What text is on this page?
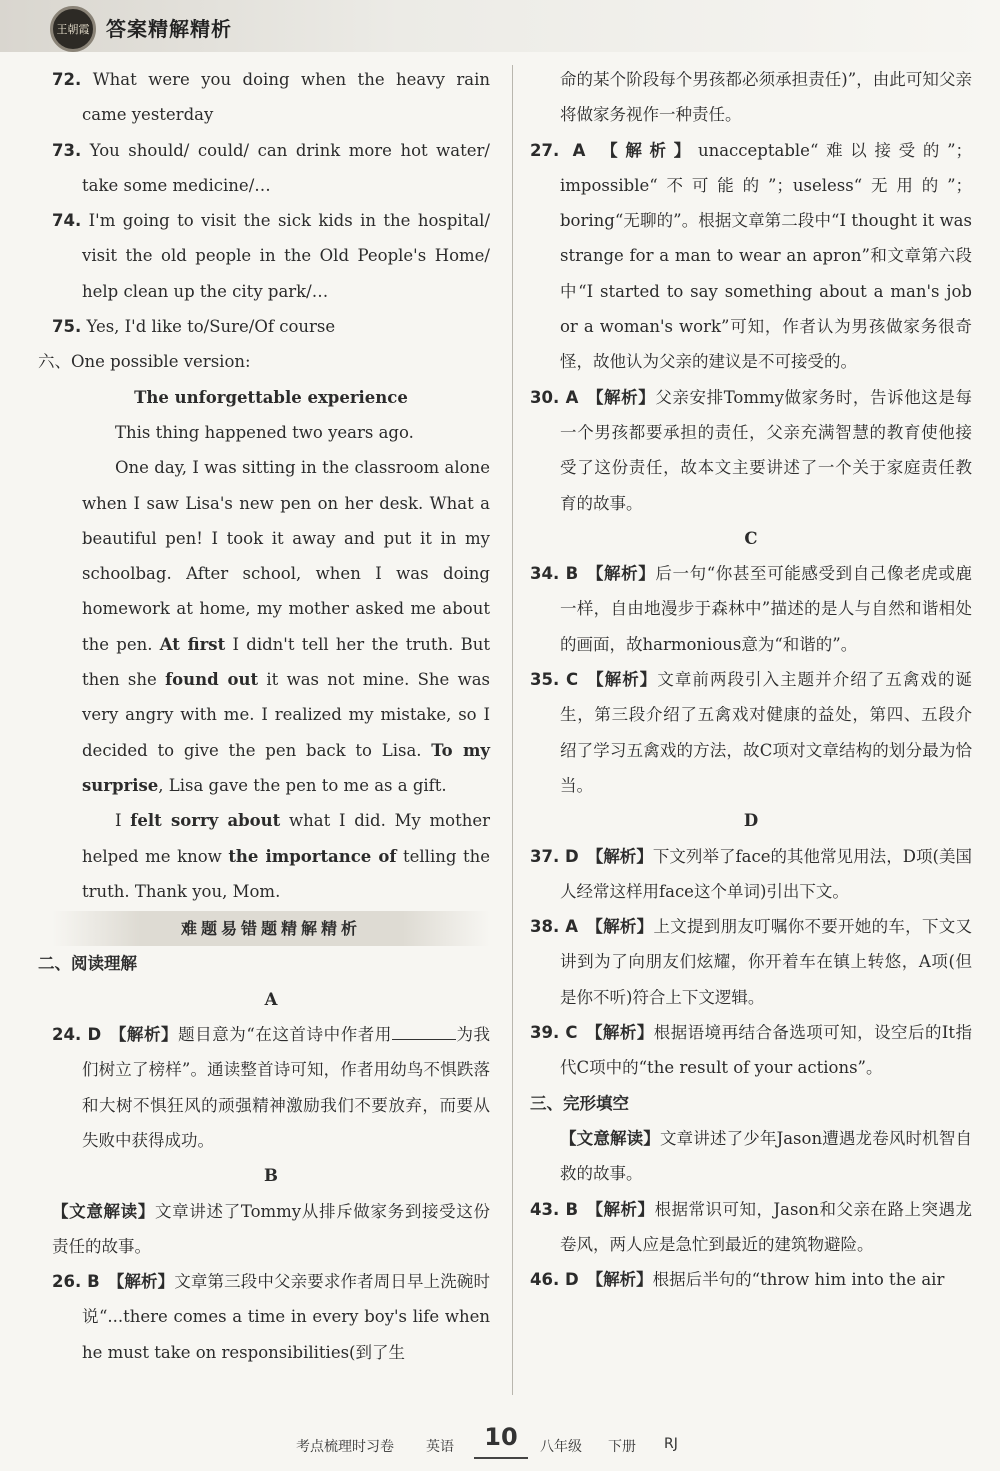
王朝霞 答案精解精析

72. What were you doing when the heavy rain came yesterday

73. You should/ could/ can drink more hot water/ take some medicine/…

74. I'm going to visit the sick kids in the hospital/ visit the old people in the Old People's Home/ help clean up the city park/…

75. Yes, I'd like to/Sure/Of course

六、One possible version:

The unforgettable experience

This thing happened two years ago.

One day, I was sitting in the classroom alone when I saw Lisa's new pen on her desk. What a beautiful pen! I took it away and put it in my schoolbag. After school, when I was doing homework at home, my mother asked me about the pen. At first I didn't tell her the truth. But then she found out it was not mine. She was very angry with me. I realized my mistake, so I decided to give the pen back to Lisa. To my surprise, Lisa gave the pen to me as a gift.

I felt sorry about what I did. My mother helped me know the importance of telling the truth. Thank you, Mom.

难题易错题精解精析

二、阅读理解

A

24. D 【解析】题目意为“在这首诗中作者用	为我们树立了榜样”。通读整首诗可知，作者用幼鸟不惧跌落和大树不惧狂风的顽强精神激励我们不要放弃，而要从失败中获得成功。

B

【文意解读】文章讲述了Tommy从排斥做家务到接受这份责任的故事。

26. B 【解析】文章第三段中父亲要求作者周日早上洗碗时说“...there comes a time in every boy's life when he must take on responsibilities(到了生

命的某个阶段每个男孩都必须承担责任)”，由此可知父亲将做家务视作一种责任。

27. A 【解析】unacceptable“难以接受的”；impossible“不可能的”；useless“无用的”；boring“无聊的”。根据文章第二段中“I thought it was strange for a man to wear an apron”和文章第六段中“I started to say something about a man's job or a woman's work”可知，作者认为男孩做家务很奇怪，故他认为父亲的建议是不可接受的。

30. A 【解析】父亲安排Tommy做家务时，告诉他这是每一个男孩都要承担的责任，父亲充满智慧的教育使他接受了这份责任，故本文主要讲述了一个关于家庭责任教育的故事。

C

34. B 【解析】后一句“你甚至可能感受到自己像老虎或鹿一样，自由地漫步于森林中”描述的是人与自然和谐相处的画面，故harmonious意为“和谐的”。

35. C 【解析】文章前两段引入主题并介绍了五禽戏的诞生，第三段介绍了五禽戏对健康的益处，第四、五段介绍了学习五禽戏的方法，故C项对文章结构的划分最为恰当。

D

37. D 【解析】下文列举了face的其他常见用法，D项(美国人经常这样用face这个单词)引出下文。

38. A 【解析】上文提到朋友叮嘱你不要开她的车，下文又讲到为了向朋友们炫耀，你开着车在镇上转悠，A项(但是你不听)符合上下文逻辑。

39. C 【解析】根据语境再结合备选项可知，设空后的It指代C项中的“the result of your actions”。

三、完形填空

【文意解读】文章讲述了少年Jason遭遇龙卷风时机智自救的故事。

43. B 【解析】根据常识可知，Jason和父亲在路上突遇龙卷风，两人应是急忙到最近的建筑物避险。

46. D 【解析】根据后半句的“throw him into the air

考点梳理时习卷 英语	10	八年级 下册 RJ
